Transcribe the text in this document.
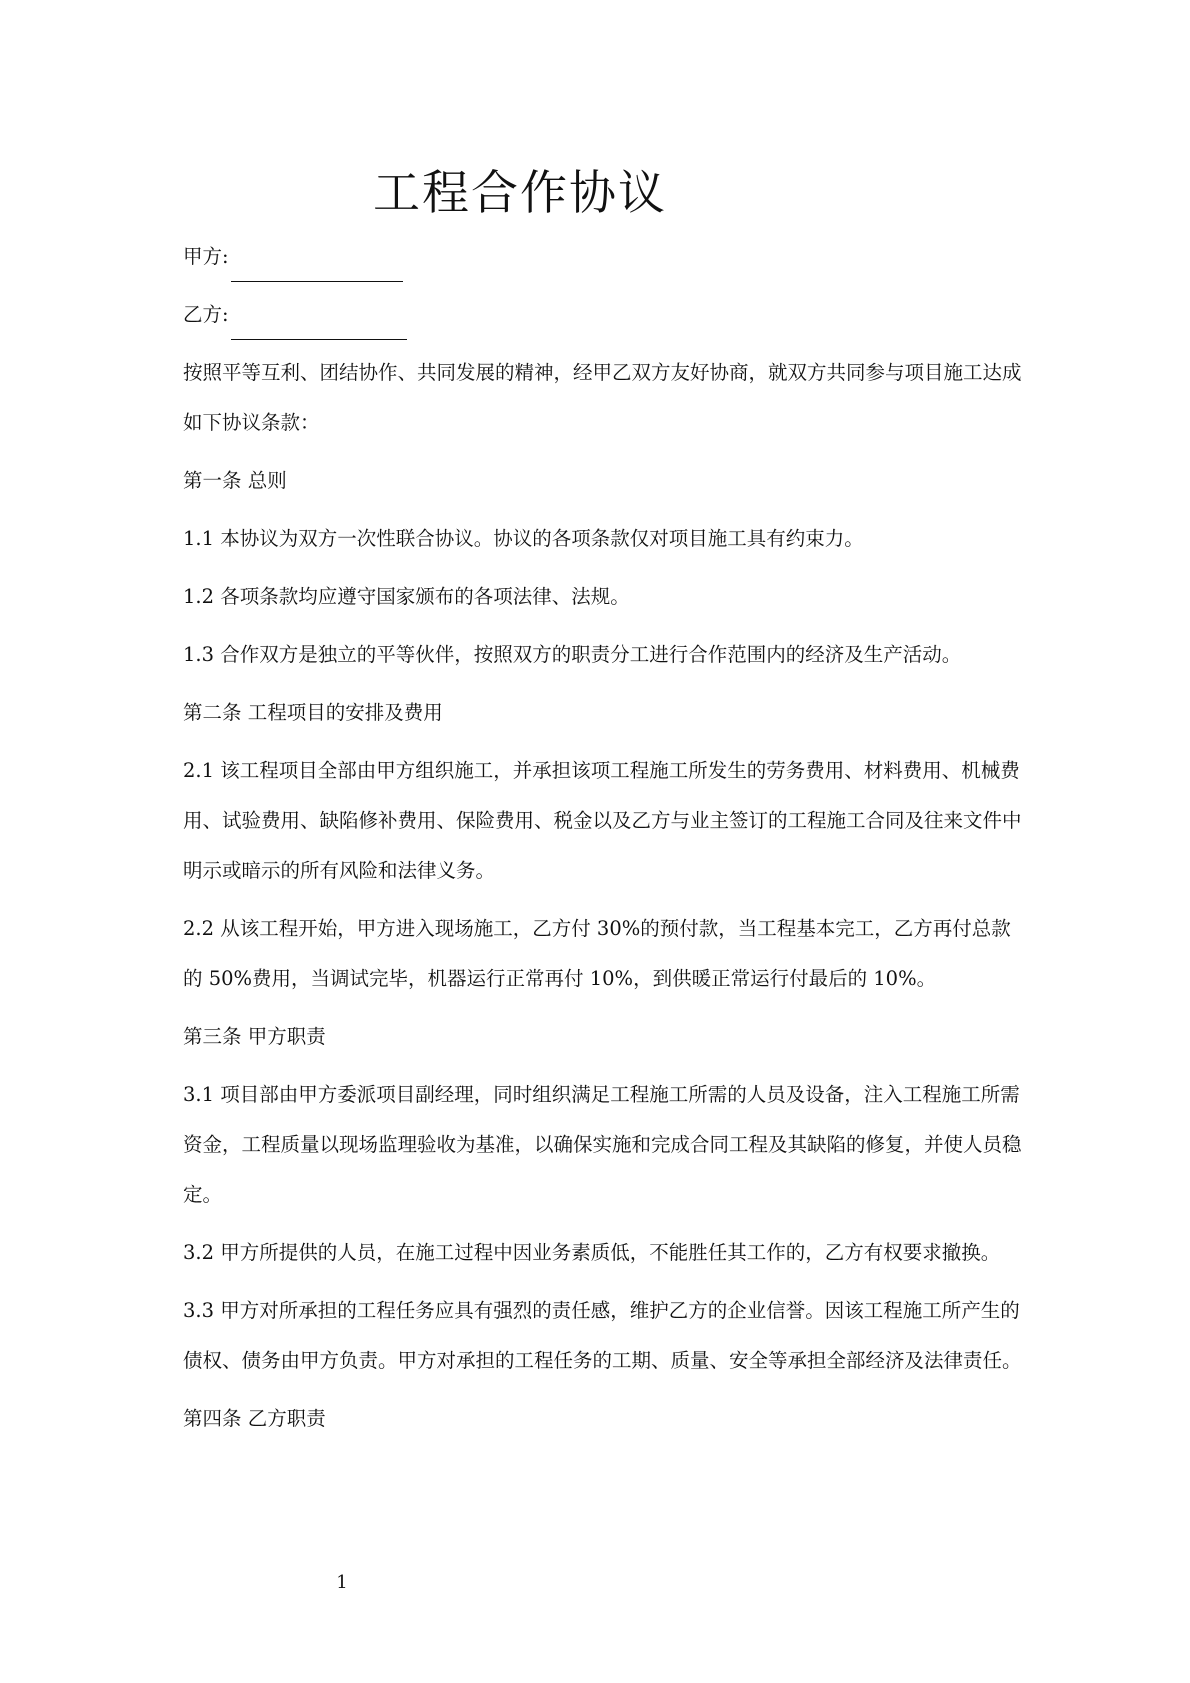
工程合作协议

甲方:

乙方:

按照平等互利、团结协作、共同发展的精神，经甲乙双方友好协商，就双方共同参与项目施工达成如下协议条款：

第一条 总则

1.1 本协议为双方一次性联合协议。协议的各项条款仅对项目施工具有约束力。

1.2 各项条款均应遵守国家颁布的各项法律、法规。

1.3 合作双方是独立的平等伙伴，按照双方的职责分工进行合作范围内的经济及生产活动。

第二条 工程项目的安排及费用

2.1 该工程项目全部由甲方组织施工，并承担该项工程施工所发生的劳务费用、材料费用、机械费用、试验费用、缺陷修补费用、保险费用、税金以及乙方与业主签订的工程施工合同及往来文件中明示或暗示的所有风险和法律义务。

2.2 从该工程开始，甲方进入现场施工，乙方付 30%的预付款，当工程基本完工，乙方再付总款的 50%费用，当调试完毕，机器运行正常再付 10%，到供暖正常运行付最后的 10%。

第三条 甲方职责

3.1 项目部由甲方委派项目副经理，同时组织满足工程施工所需的人员及设备，注入工程施工所需资金，工程质量以现场监理验收为基准，以确保实施和完成合同工程及其缺陷的修复，并使人员稳定。

3.2 甲方所提供的人员，在施工过程中因业务素质低，不能胜任其工作的，乙方有权要求撤换。

3.3 甲方对所承担的工程任务应具有强烈的责任感，维护乙方的企业信誉。因该工程施工所产生的债权、债务由甲方负责。甲方对承担的工程任务的工期、质量、安全等承担全部经济及法律责任。

第四条 乙方职责

1
